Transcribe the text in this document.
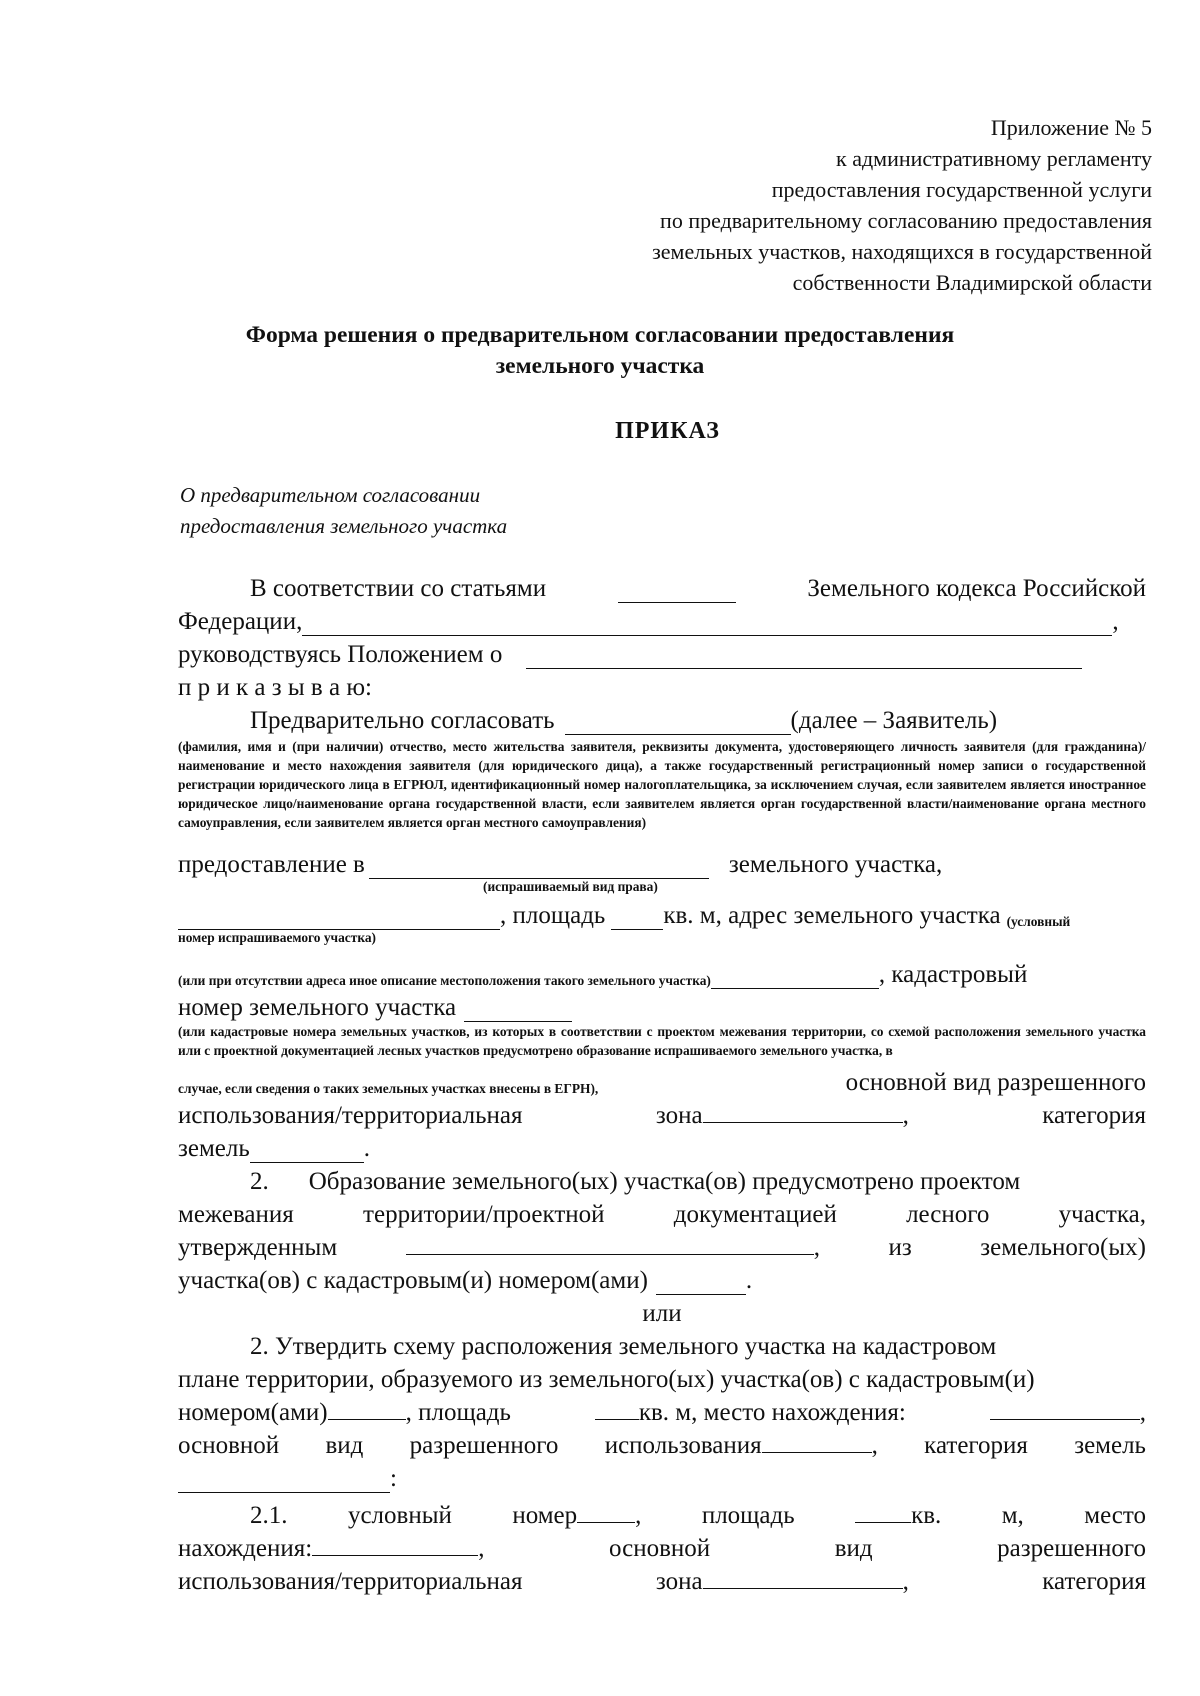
Приложение № 5
к административному регламенту
предоставления государственной услуги
по предварительному согласованию предоставления
земельных участков, находящихся в государственной
собственности Владимирской области
Форма решения о предварительном согласовании предоставления
земельного участка
ПРИКАЗ
О предварительном согласовании
предоставления земельного участка
В соответствии со статьями	Земельного кодекса Российской
Федерации,	,
руководствуясь Положением о
п р и к а з ы в а ю:
Предварительно согласовать	(далее – Заявитель)
(фамилия, имя и (при наличии) отчество, место жительства заявителя, реквизиты документа, удостоверяющего личность заявителя (для гражданина)/наименование и место нахождения заявителя (для юридического дица), а также государственный регистрационный номер записи о государственной регистрации юридического лица в ЕГРЮЛ, идентификационный номер налогоплательщика, за исключением случая, если заявителем является иностранное юридическое лицо/наименование органа государственной власти, если заявителем является орган государственной власти/наименование органа местного самоуправления, если заявителем является орган местного самоуправления)
предоставление в	земельного участка,
(испрашиваемый вид права)
, площадь кв. м, адрес земельного участка (условный
номер испрашиваемого участка)
(или при отсутствии адреса иное описание местоположения такого земельного участка)	, кадастровый
номер земельного участка
(или кадастровые номера земельных участков, из которых в соответствии с проектом межевания территории, со схемой расположения земельного участка или с проектной документацией лесных участков предусмотрено образование испрашиваемого земельного участка, в
случае, если сведения о таких земельных участках внесены в ЕГРН),	основной вид разрешенного
использования/территориальная	зона	,	категория
земель	.
2. Образование земельного(ых) участка(ов) предусмотрено проектом
межевания	территории/проектной	документацией	лесного	участка,
утвержденным	,	из	земельного(ых)
участка(ов) с кадастровым(и) номером(ами)	.
или
2. Утвердить схему расположения земельного участка на кадастровом
плане территории, образуемого из земельного(ых) участка(ов) с кадастровым(и)
номером(ами)	, площадь	кв. м, место нахождения:	,
основной вид разрешенного использования	, категория земель
:
2.1. условный номер , площадь	кв. м, место
нахождения:	,	основной	вид	разрешенного
использования/территориальная	зона	,	категория
